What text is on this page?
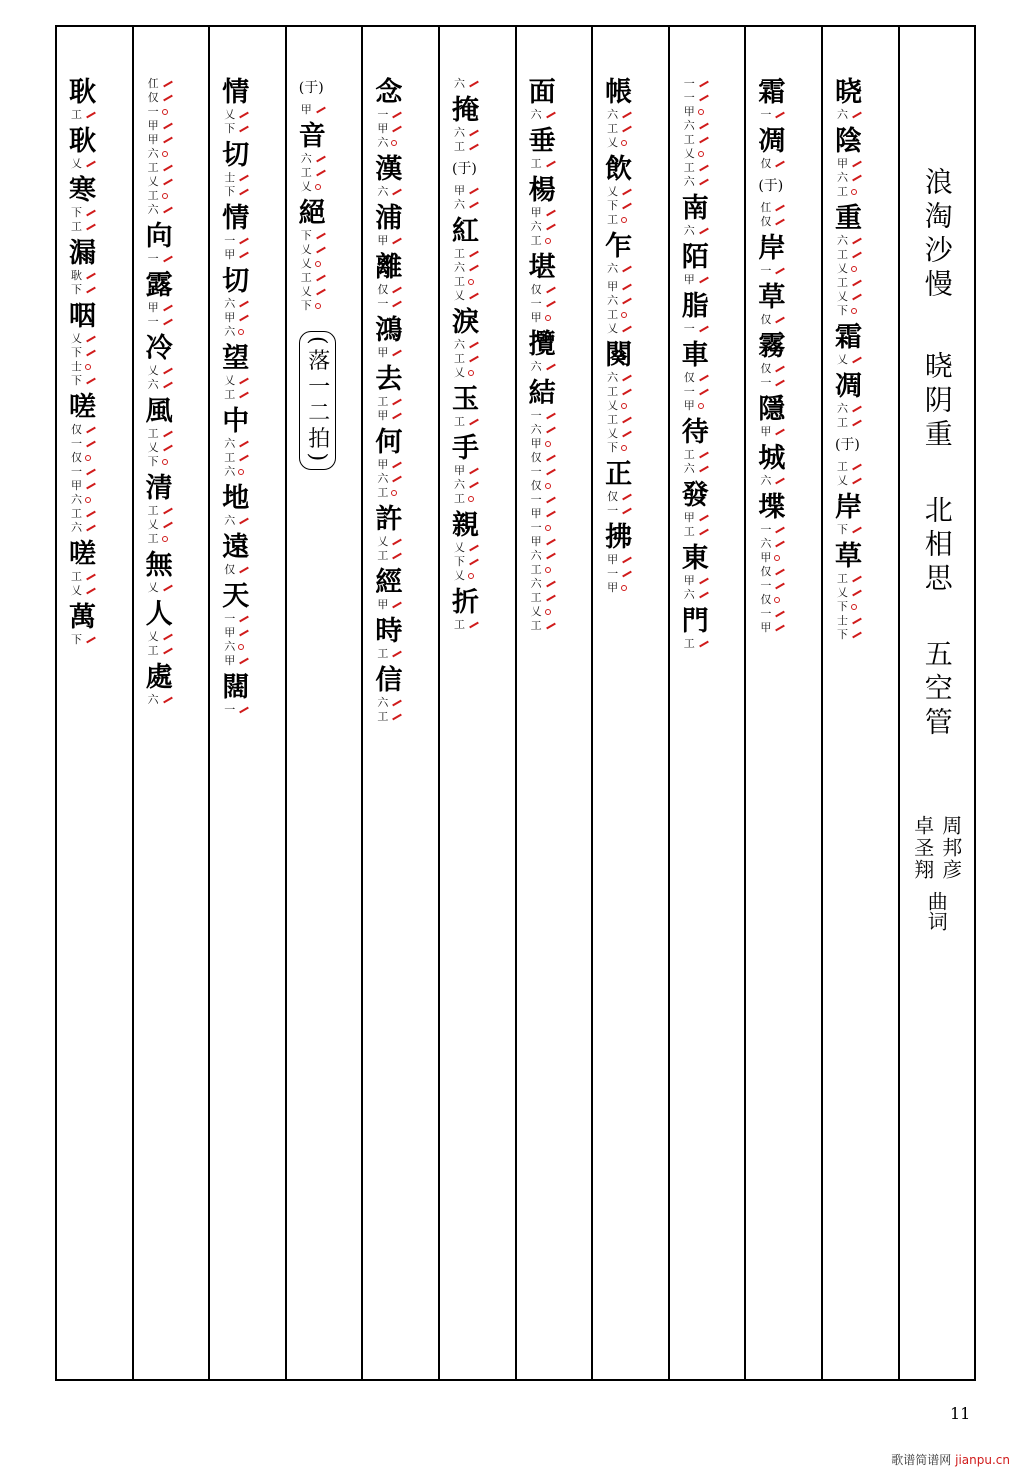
耿
工
耿
乂
寒
下
工
漏
耿
下
咽
乂
下
士
下
嗟
仅
一
仅
一
甲
六
工
六
嗟
工
乂
萬
下
仜
仅
一
甲
甲
六
工
乂
工
六
向
一
露
甲
一
冷
乂
六
風
工
乂
下
清
工
乂
工
無
乂
人
乂
工
處
六
情
乂
下
切
士
下
情
一
甲
切
六
甲
六
望
乂
工
中
六
工
六
地
六
遠
仅
天
一
甲
六
甲
闊
一
(于)
甲
音
六
工
乂
絕
下
乂
乂
工
乂
下
(落一二拍)
念
一
甲
六
漢
六
浦
甲
離
仅
一
鴻
甲
去
工
甲
何
甲
六
工
許
乂
工
經
甲
時
工
信
六
工
六
掩
六
工
(于)
甲
六
紅
工
六
工
乂
淚
六
工
乂
玉
工
手
甲
六
工
親
乂
下
乂
折
工
面
六
垂
工
楊
甲
六
工
堪
仅
一
甲
攬
六
結
一
六
甲
仅
一
仅
一
甲
一
甲
六
工
六
工
乂
工
帳
六
工
乂
飲
乂
下
工
乍
六
甲
六
工
乂
闋
六
工
乂
工
乂
下
正
仅
一
拂
甲
一
甲
一
一
甲
六
工
乂
工
六
南
六
陌
甲
脂
一
車
仅
一
甲
待
工
六
發
甲
工
東
甲
六
門
工
霜
一
凋
仅
(于)
仜
仅
岸
一
草
仅
霧
仅
一
隱
甲
城
六
堞
一
六
甲
仅
一
仅
一
甲
晓
六
陰
甲
六
工
重
六
工
乂
工
乂
下
霜
乂
凋
六
工
(于)
工
乂
岸
下
草
工
乂
下
士
下
浪淘沙慢
晓阴重
北相思
五空管
周邦彦
卓圣翔
曲词
11
歌谱简谱网 jianpu.cn
